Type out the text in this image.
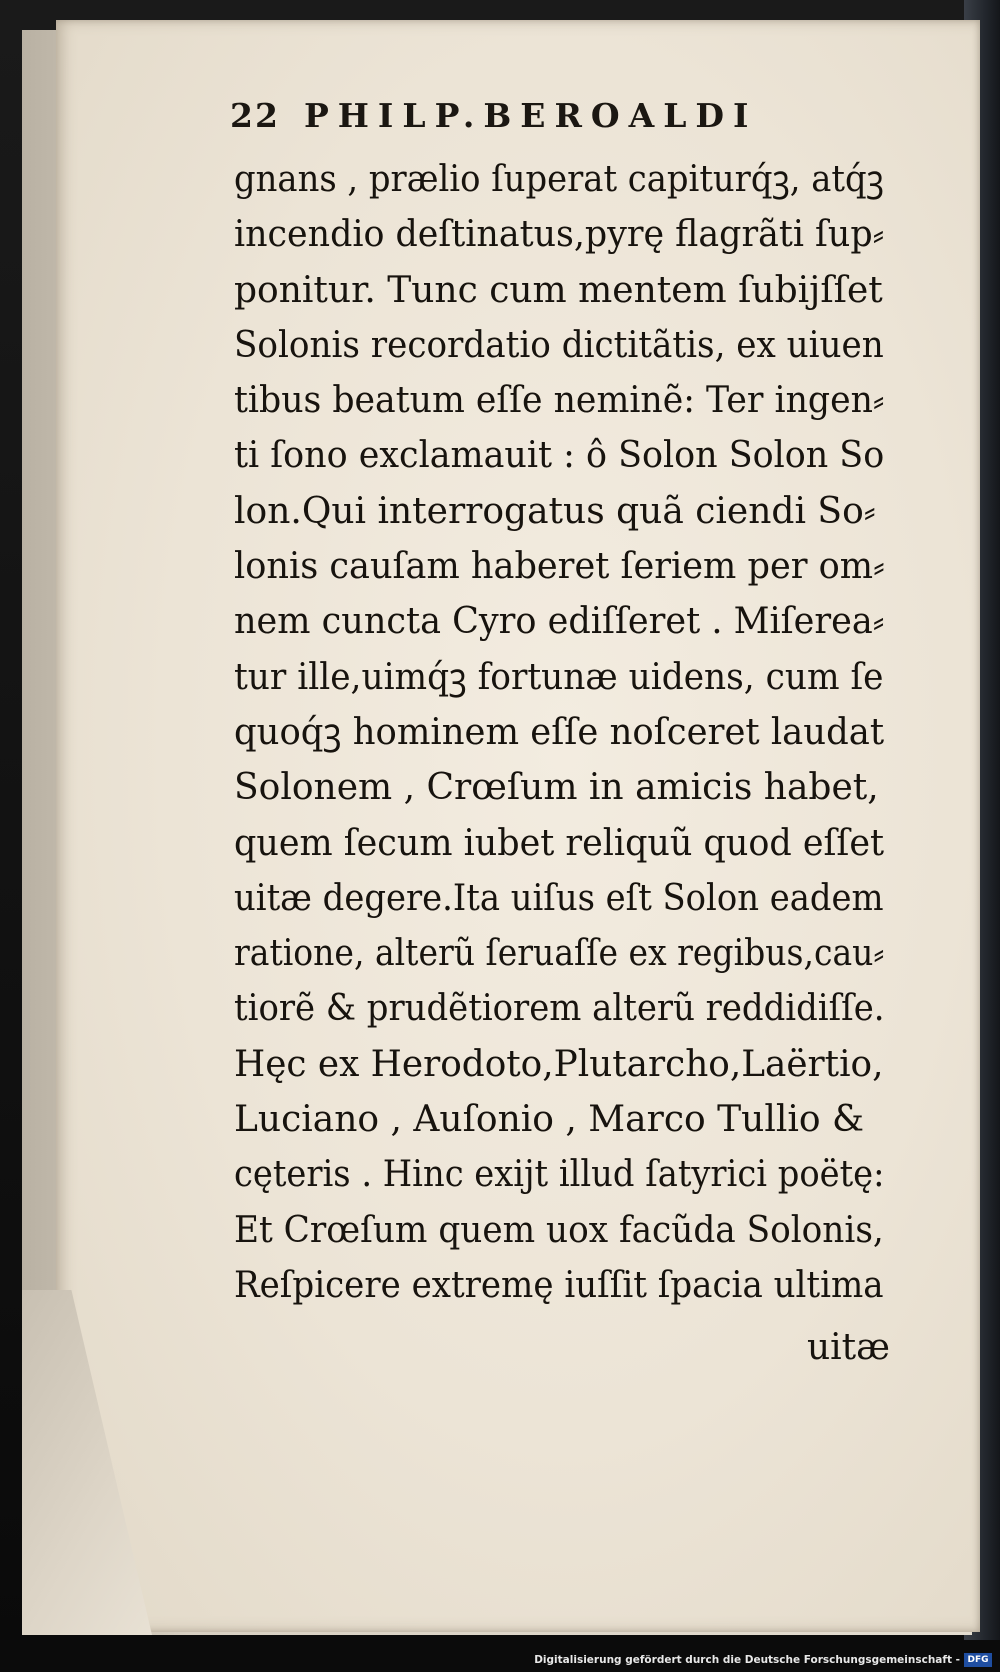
22 PHILP.BEROALDI
gnans , prælio ſuperat capiturq́ꝫ, atq́ꝫ
incendio deſtinatus,pyrę flagrãti ſup⸗
ponitur. Tunc cum mentem ſubijſſet
Solonis recordatio dictitãtis, ex uiuen
tibus beatum eſſe neminẽ: Ter ingen⸗
ti ſono exclamauit : ô Solon Solon So
lon.Qui interrogatus quã ciendi So⸗
lonis cauſam haberet ſeriem per om⸗
nem cuncta Cyro ediſſeret . Miſerea⸗
tur ille,uimq́ꝫ fortunæ uidens, cum ſe
quoq́ꝫ hominem eſſe noſceret laudat
Solonem , Crœſum in amicis habet,
quem ſecum iubet reliquũ quod eſſet
uitæ degere.Ita uiſus eſt Solon eadem
ratione, alterũ ſeruaſſe ex regibus,cau⸗
tiorẽ & prudẽtiorem alterũ reddidiſſe.
Hęc ex Herodoto,Plutarcho,Laërtio,
Luciano , Auſonio , Marco Tullio &
cęteris . Hinc exijt illud ſatyrici poëtę:
Et Crœſum quem uox facũda Solonis,
Reſpicere extremę iuſſit ſpacia ultima
uitæ
Digitalisierung gefördert durch die Deutsche Forschungsgemeinschaft - DFG
